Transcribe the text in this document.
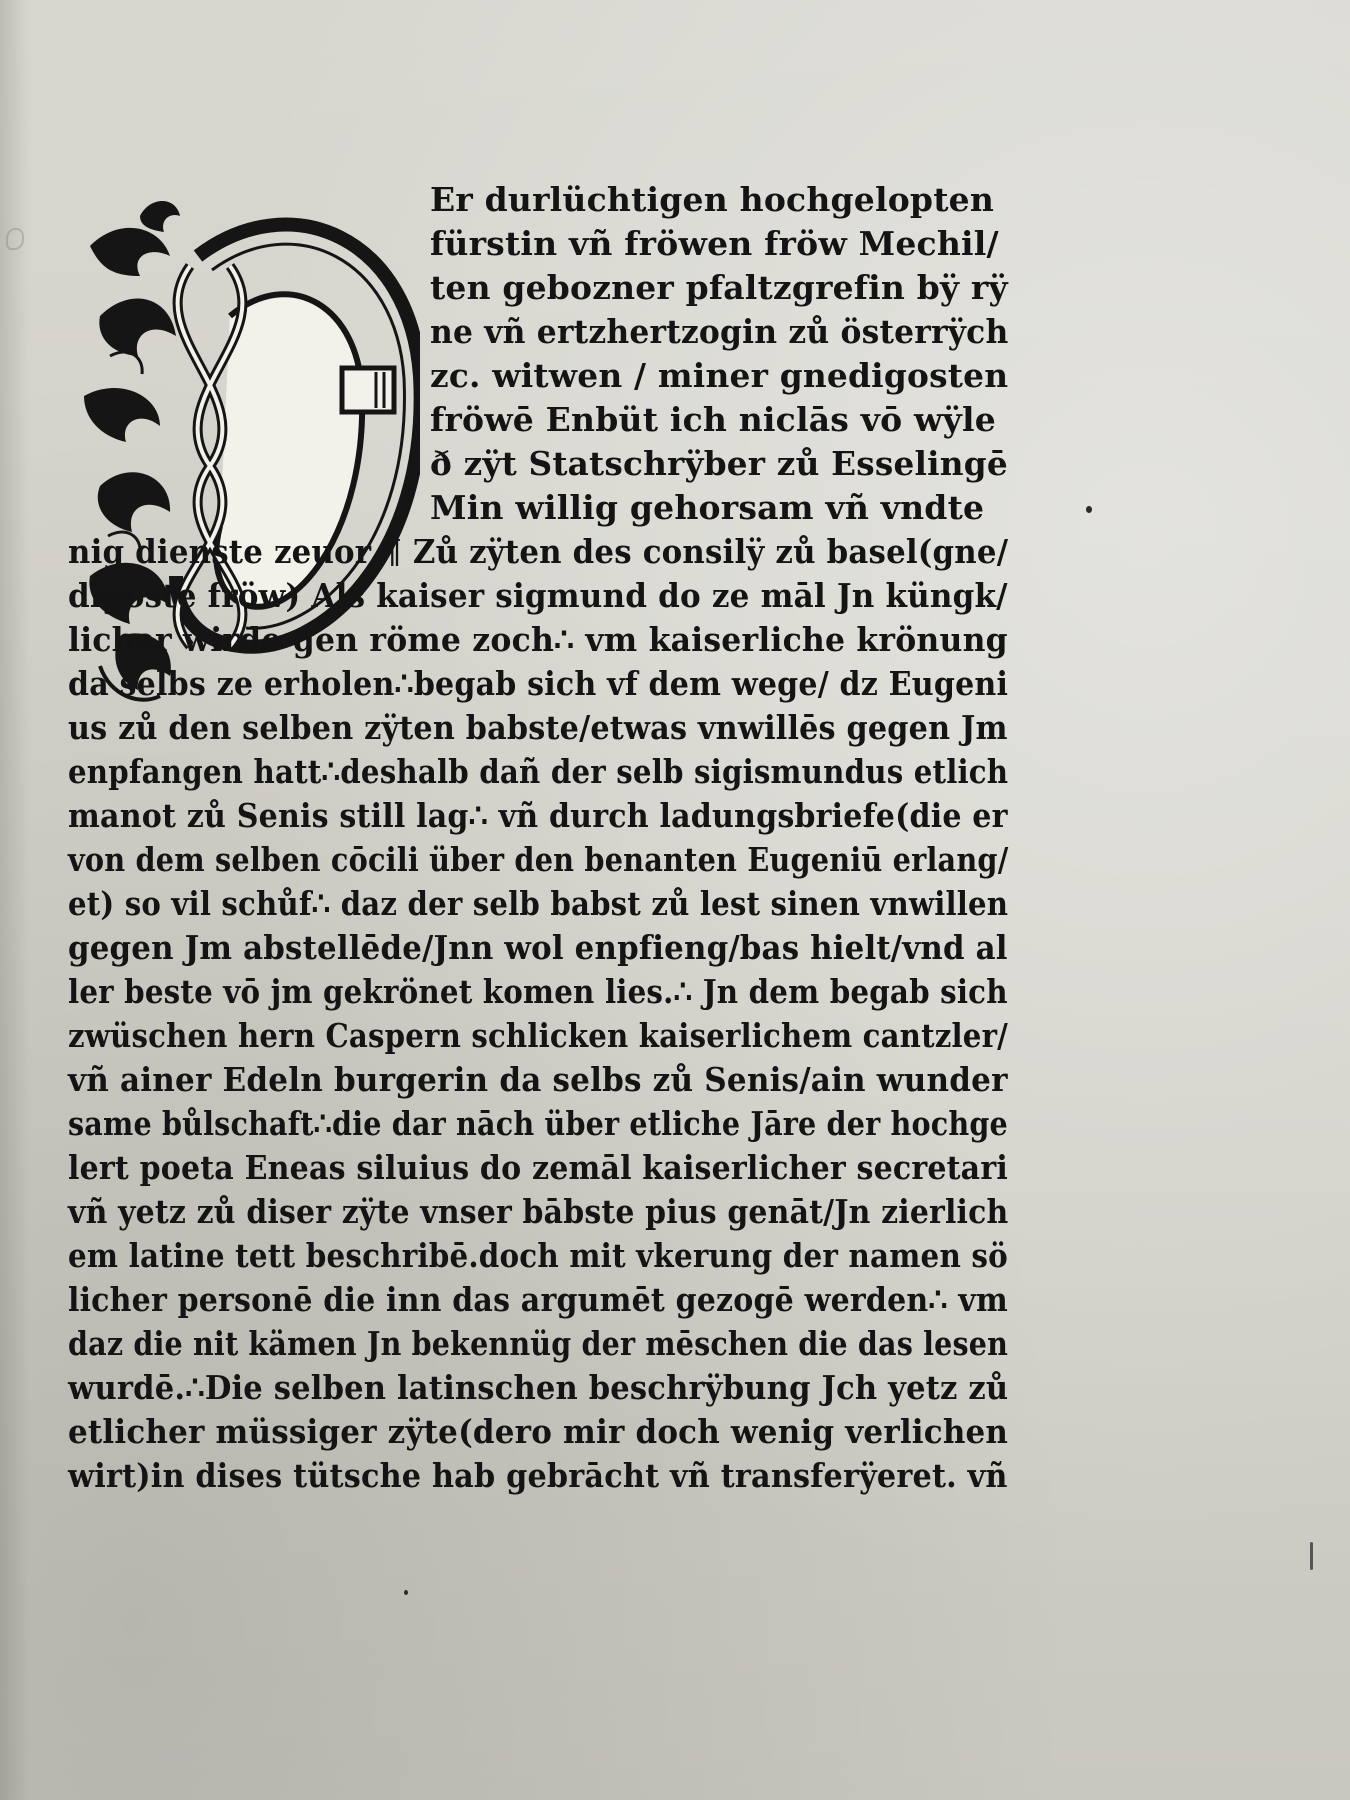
Er durlüchtigen hochgelopten
fürstin vñ fröwen fröw Mechil/
ten gebozner pfaltzgrefin bÿ rÿ
ne vñ ertzhertzogin zů österrÿch
zc. witwen / miner gnedigosten
fröwē Enbüt ich niclās vō wÿle
ð zÿt Statschrÿber zů Esselingē
Min willig gehorsam vñ vndte
nig dienste zeuor ¶ Zů zÿten des consilÿ zů basel(gne/
digoste fröw) Als kaiser sigmund do ze māl Jn küngk/
licher wirde gen röme zoch∴ vm kaiserliche krönung
da selbs ze erholen∴begab sich vf dem wege/ dz Eugeni
us zů den selben zÿten babste/etwas vnwillēs gegen Jm
enpfangen hatt∴deshalb dañ der selb sigismundus etlich
manot zů Senis still lag∴ vñ durch ladungsbriefe(die er
von dem selben cōcili über den benanten Eugeniū erlang/
et) so vil schůf∴ daz der selb babst zů lest sinen vnwillen
gegen Jm abstellēde/Jnn wol enpfieng/bas hielt/vnd al
ler beste vō jm gekrönet komen lies.∴ Jn dem begab sich
zwüschen hern Caspern schlicken kaiserlichem cantzler/
vñ ainer Edeln burgerin da selbs zů Senis/ain wunder
same bůlschaft∴die dar nāch über etliche Jāre der hochge
lert poeta Eneas siluius do zemāl kaiserlicher secretari
vñ yetz zů diser zÿte vnser bābste pius genāt/Jn zierlich
em latine tett beschribē.doch mit vkerung der namen sö
licher personē die inn das argumēt gezogē werden∴ vm
daz die nit kämen Jn bekennüg der mēschen die das lesen
wurdē.∴Die selben latinschen beschrÿbung Jch yetz zů
etlicher müssiger zÿte(dero mir doch wenig verlichen
wirt)in dises tütsche hab gebrācht vñ transferÿeret. vñ
